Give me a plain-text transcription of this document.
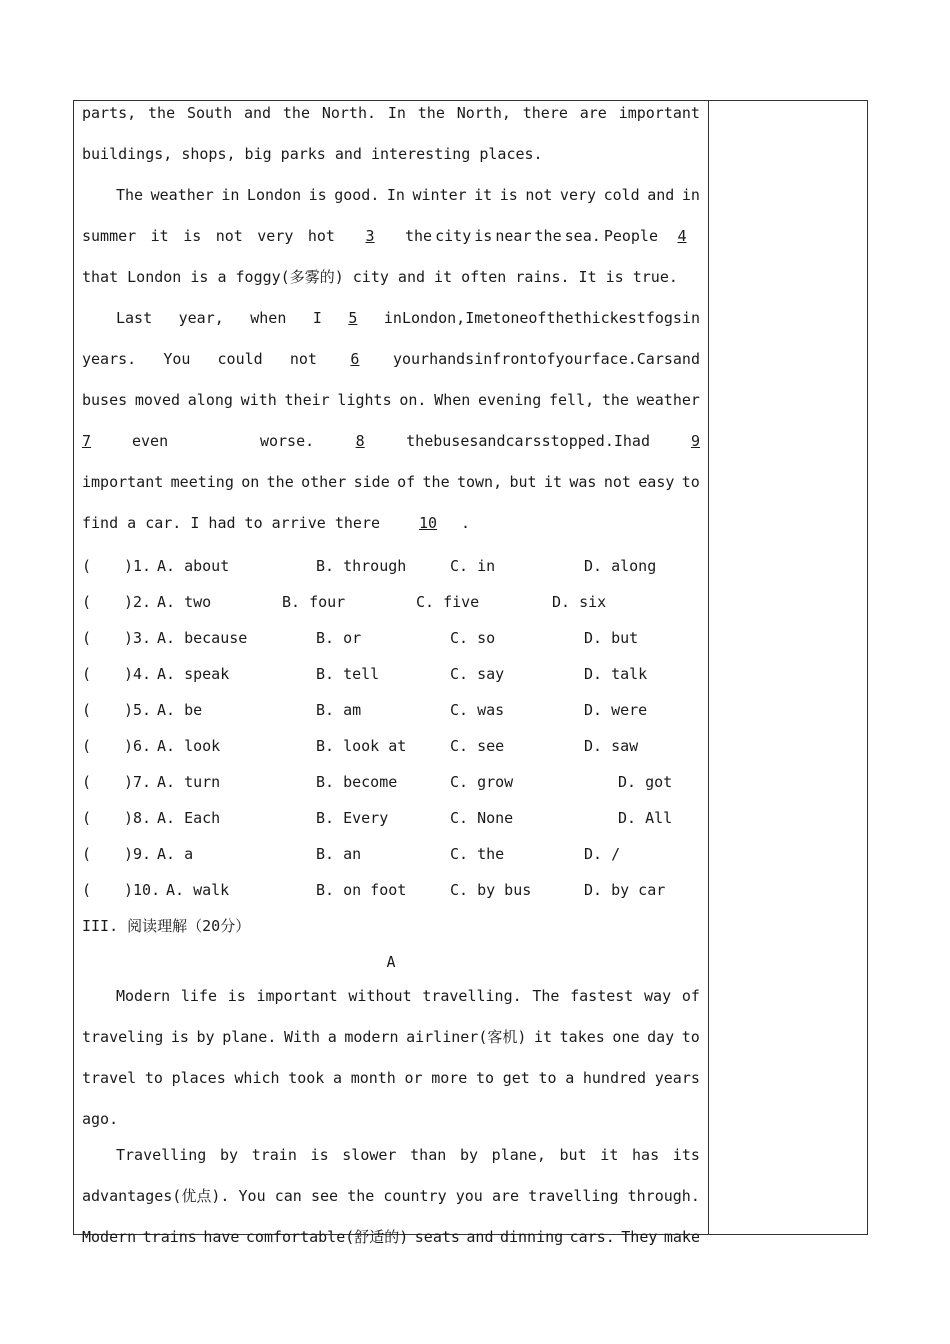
parts, the South and the North. In the North, there are important
buildings, shops, big parks and interesting places.
The weather in London is good. In winter it is not very cold and in
summer it is not very hot	3	the city is near the sea. People	4
that London is a foggy(多雾的) city and it often rains. It is true.
Last year, when I	5	in London, I met one of the thickest fogs in
years. You could not	6	your hands in front of your face. Cars and
buses moved along with their lights on. When evening fell, the weather
7	even	worse.	8	the buses and cars stopped. I had	9
important meeting on the other side of the town, but it was not easy to
find a car. I had to arrive there	10 .
( )1. A. about	B. through	C. in	D. along
( )2. A. two	B. four	C. five	D. six
( )3. A. because	B. or	C. so	D. but
( )4. A. speak	B. tell	C. say	D. talk
( )5. A. be	B. am	C. was	D. were
( )6. A. look	B. look at	C. see	D. saw
( )7. A. turn	B. become	C. grow	D. got
( )8. A. Each	B. Every	C. None	D. All
( )9. A. a	B. an	C. the	D. /
( )10. A. walk	B. on foot	C. by bus	D. by car
III. 阅读理解（20分）
A
Modern life is important without travelling. The fastest way of
traveling is by plane. With a modern airliner(客机) it takes one day to
travel to places which took a month or more to get to a hundred years
ago.
Travelling by train is slower than by plane, but it has its
advantages(优点). You can see the country you are travelling through.
Modern trains have comfortable(舒适的) seats and dinning cars. They make
